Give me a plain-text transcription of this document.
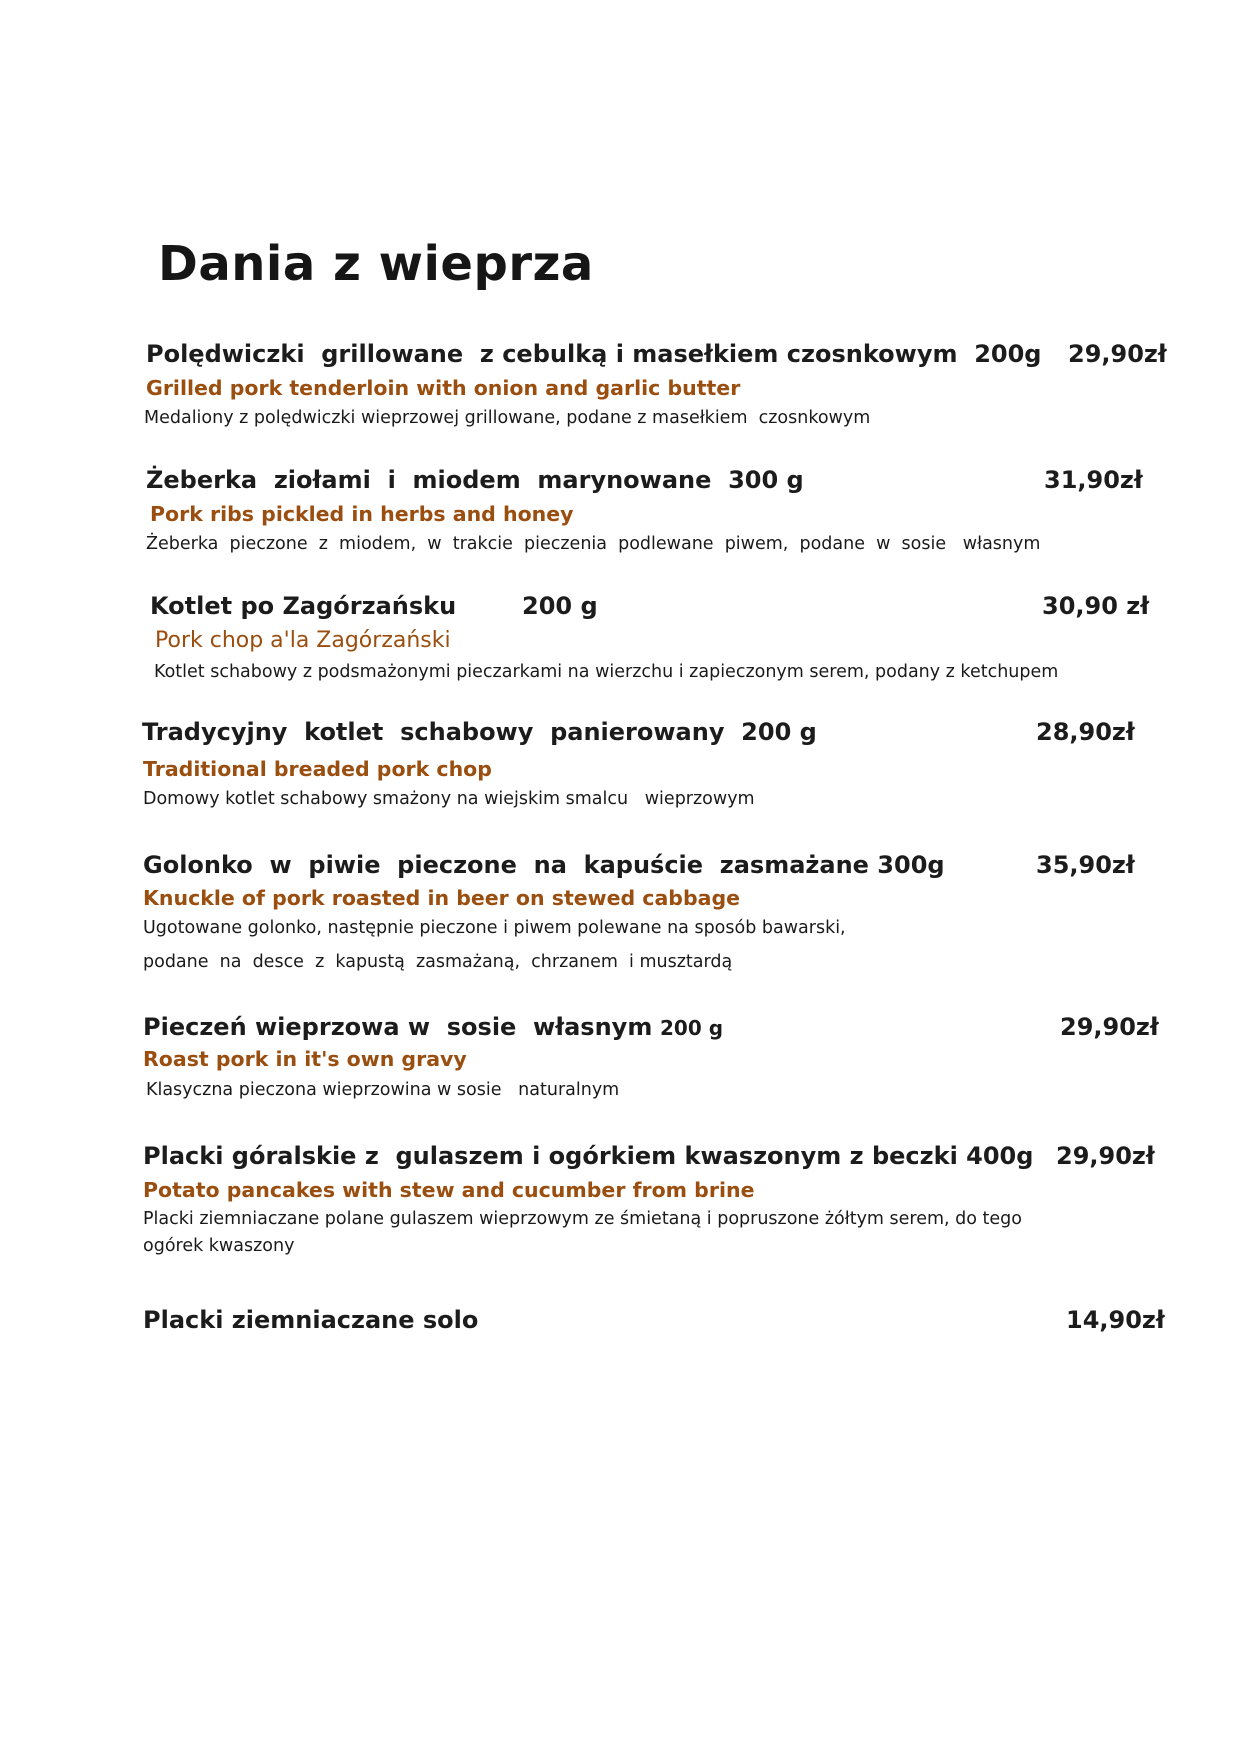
Dania z wieprza
Polędwiczki  grillowane  z cebulką i masełkiem czosnkowym  200g 29,90zł
Grilled pork tenderloin with onion and garlic butter
Medaliony z polędwiczki wieprzowej grillowane, podane z masełkiem  czosnkowym
Żeberka  ziołami  i  miodem  marynowane  300 g	31,90zł
Pork ribs pickled in herbs and honey
Żeberka  pieczone  z  miodem,  w  trakcie  pieczenia  podlewane  piwem,  podane  w  sosie   własnym
Kotlet po Zagórzańsku	200 g	30,90 zł
Pork chop a'la Zagórzański
Kotlet schabowy z podsmażonymi pieczarkami na wierzchu i zapieczonym serem, podany z ketchupem
Tradycyjny  kotlet  schabowy  panierowany  200 g	28,90zł
Traditional breaded pork chop
Domowy kotlet schabowy smażony na wiejskim smalcu   wieprzowym
Golonko  w  piwie  pieczone  na  kapuście  zasmażane 300g	35,90zł
Knuckle of pork roasted in beer on stewed cabbage
Ugotowane golonko, następnie pieczone i piwem polewane na sposób bawarski,
podane  na  desce  z  kapustą  zasmażaną,  chrzanem  i musztardą
Pieczeń wieprzowa w  sosie  własnym 200 g	29,90zł
Roast pork in it's own gravy
Klasyczna pieczona wieprzowina w sosie   naturalnym
Placki góralskie z  gulaszem i ogórkiem kwaszonym z beczki 400g 29,90zł
Potato pancakes with stew and cucumber from brine
Placki ziemniaczane polane gulaszem wieprzowym ze śmietaną i popruszone żółtym serem, do tego
ogórek kwaszony
Placki ziemniaczane solo	14,90zł
